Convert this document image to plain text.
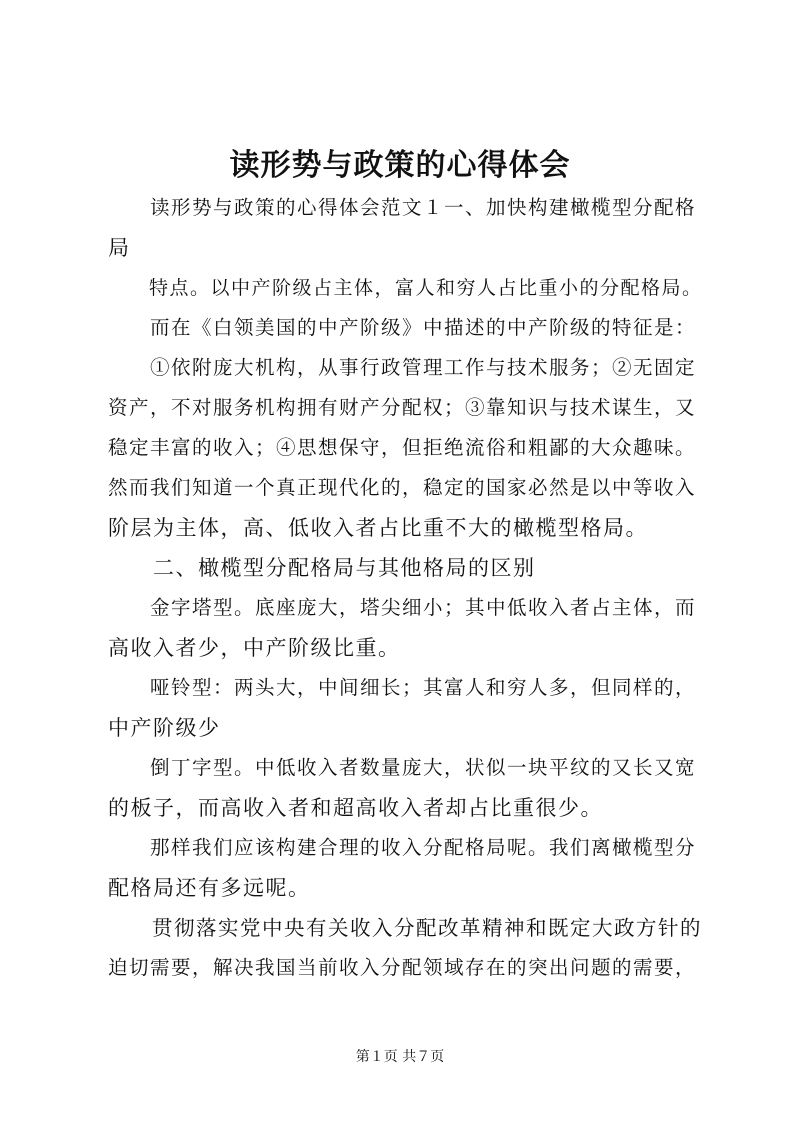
读形势与政策的心得体会
　　读形势与政策的心得体会范文１一、加快构建橄榄型分配格
局
　　特点。以中产阶级占主体，富人和穷人占比重小的分配格局。
　　而在《白领美国的中产阶级》中描述的中产阶级的特征是：
　　①依附庞大机构，从事行政管理工作与技术服务；②无固定
资产，不对服务机构拥有财产分配权；③靠知识与技术谋生，又
稳定丰富的收入；④思想保守，但拒绝流俗和粗鄙的大众趣味。
然而我们知道一个真正现代化的，稳定的国家必然是以中等收入
阶层为主体，高、低收入者占比重不大的橄榄型格局。
　　二、橄榄型分配格局与其他格局的区别
　　金字塔型。底座庞大，塔尖细小；其中低收入者占主体，而
高收入者少，中产阶级比重。
　　哑铃型：两头大，中间细长；其富人和穷人多，但同样的，
中产阶级少
　　倒丁字型。中低收入者数量庞大，状似一块平纹的又长又宽
的板子，而高收入者和超高收入者却占比重很少。
　　那样我们应该构建合理的收入分配格局呢。我们离橄榄型分
配格局还有多远呢。
　　贯彻落实党中央有关收入分配改革精神和既定大政方针的
迫切需要，解决我国当前收入分配领域存在的突出问题的需要，
第１页 共７页
